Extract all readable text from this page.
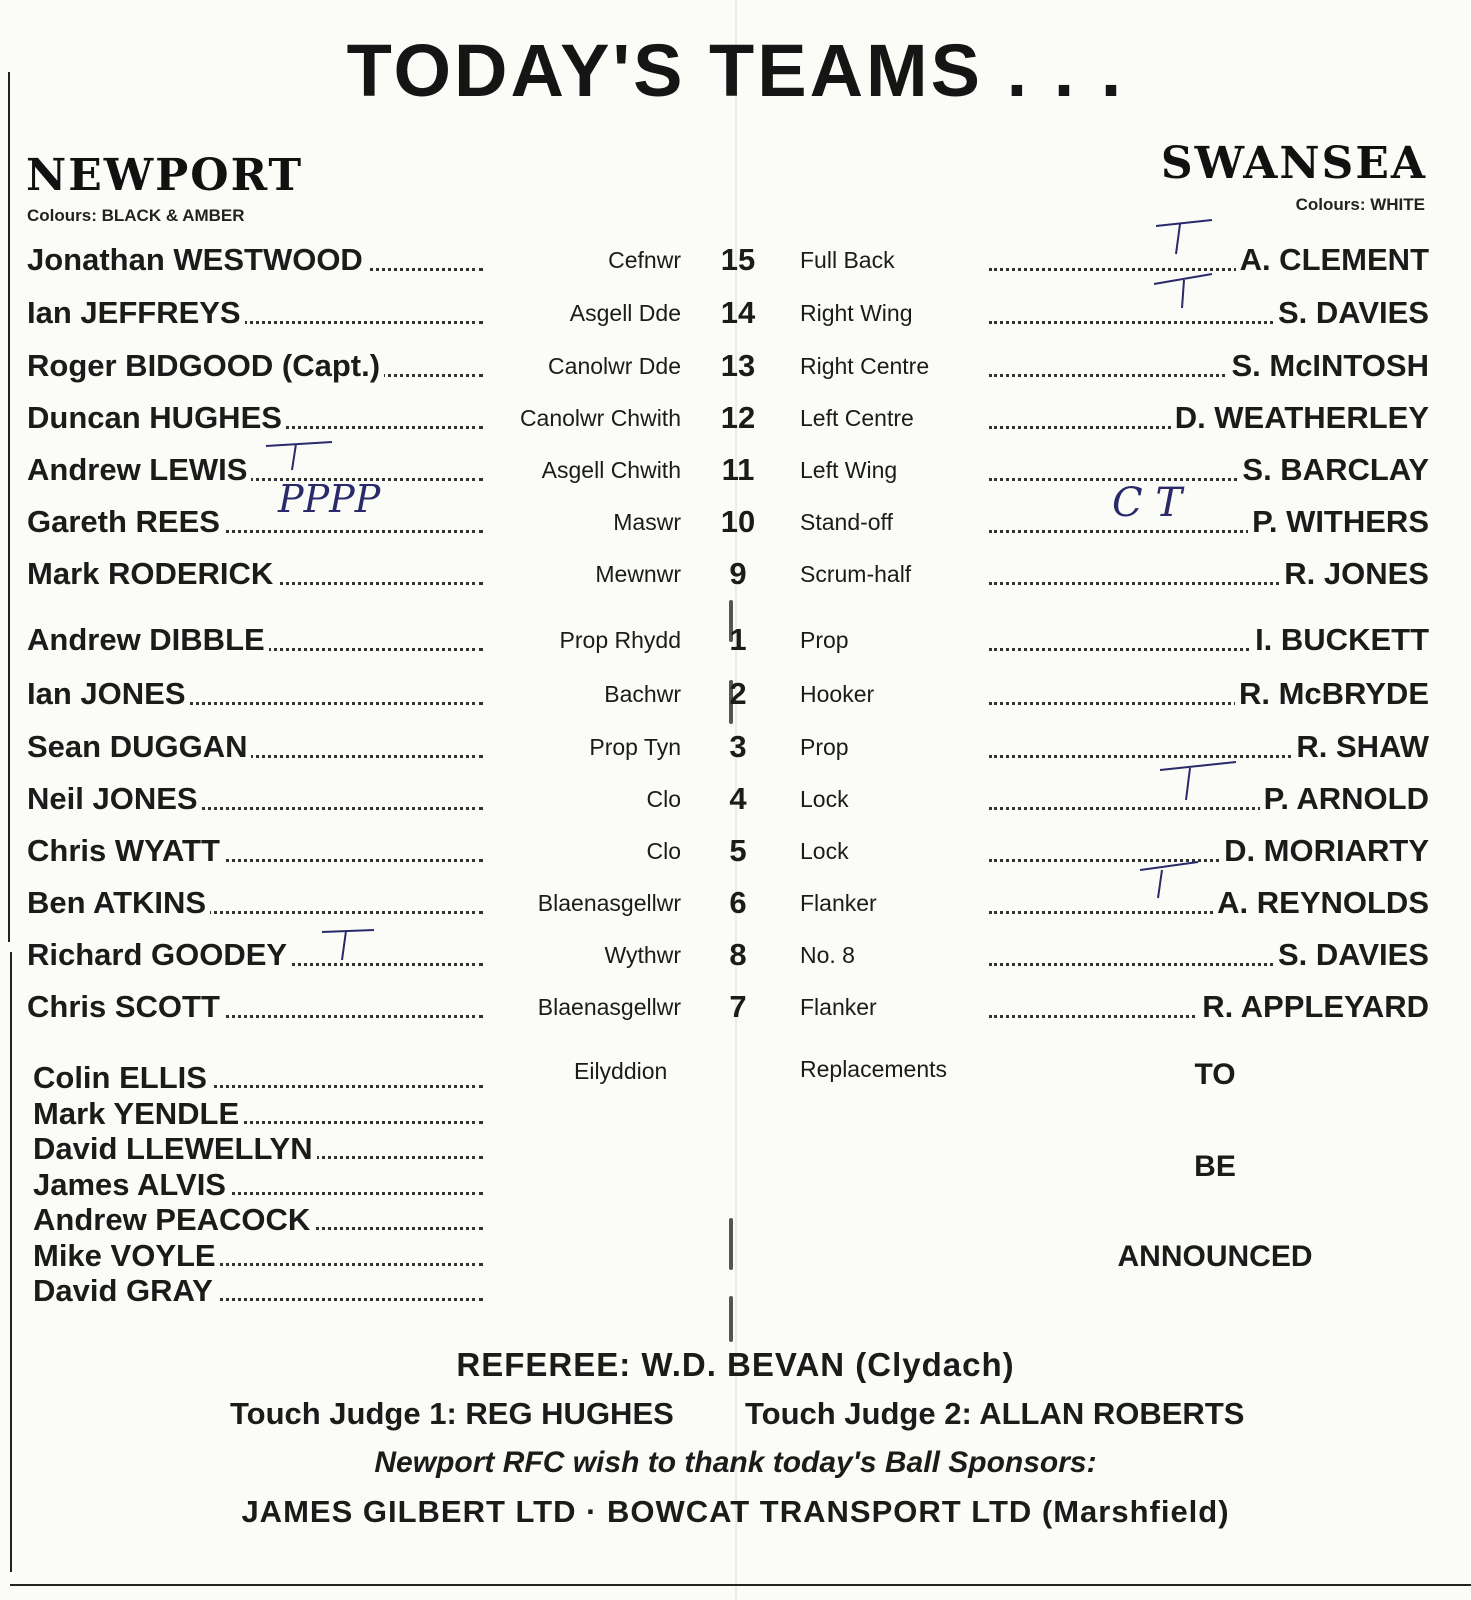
TODAY'S TEAMS . . .
NEWPORT
Colours: BLACK & AMBER
SWANSEA
Colours: WHITE
Jonathan WESTWOOD	Cefnwr 15	Full Back	A. CLEMENT
Ian JEFFREYS	Asgell Dde 14	Right Wing	S. DAVIES
Roger BIDGOOD (Capt.)	Canolwr Dde 13	Right Centre	S. McINTOSH
Duncan HUGHES	Canolwr Chwith 12	Left Centre	D. WEATHERLEY
Andrew LEWIS	Asgell Chwith	11	Left Wing	S. BARCLAY
Gareth REES	Maswr 10	Stand-off	P. WITHERS
Mark RODERICK	Mewnwr	9	Scrum-half	R. JONES
Andrew DIBBLE	Prop Rhydd	1	Prop	I. BUCKETT
Ian JONES	Bachwr	2	Hooker	R. McBRYDE
Sean DUGGAN	Prop Tyn	3	Prop	R. SHAW
Neil JONES	Clo	4	Lock	P. ARNOLD
Chris WYATT	Clo	5	Lock	D. MORIARTY
Ben ATKINS	Blaenasgellwr	6	Flanker	A. REYNOLDS
Richard GOODEY	Wythwr	8	No. 8	S. DAVIES
Chris SCOTT	Blaenasgellwr	7	Flanker	R. APPLEYARD
Colin ELLIS
Mark YENDLE
David LLEWELLYN
James ALVIS
Andrew PEACOCK
Mike VOYLE
David GRAY
Eilyddion	Replacements	TO
BE
ANNOUNCED
REFEREE: W.D. BEVAN (Clydach)
Touch Judge 1: REG HUGHES Touch Judge 2: ALLAN ROBERTS
Newport RFC wish to thank today's Ball Sponsors:
JAMES GILBERT LTD · BOWCAT TRANSPORT LTD (Marshfield)
T
PPPP
T
T
T
C T
T
T
